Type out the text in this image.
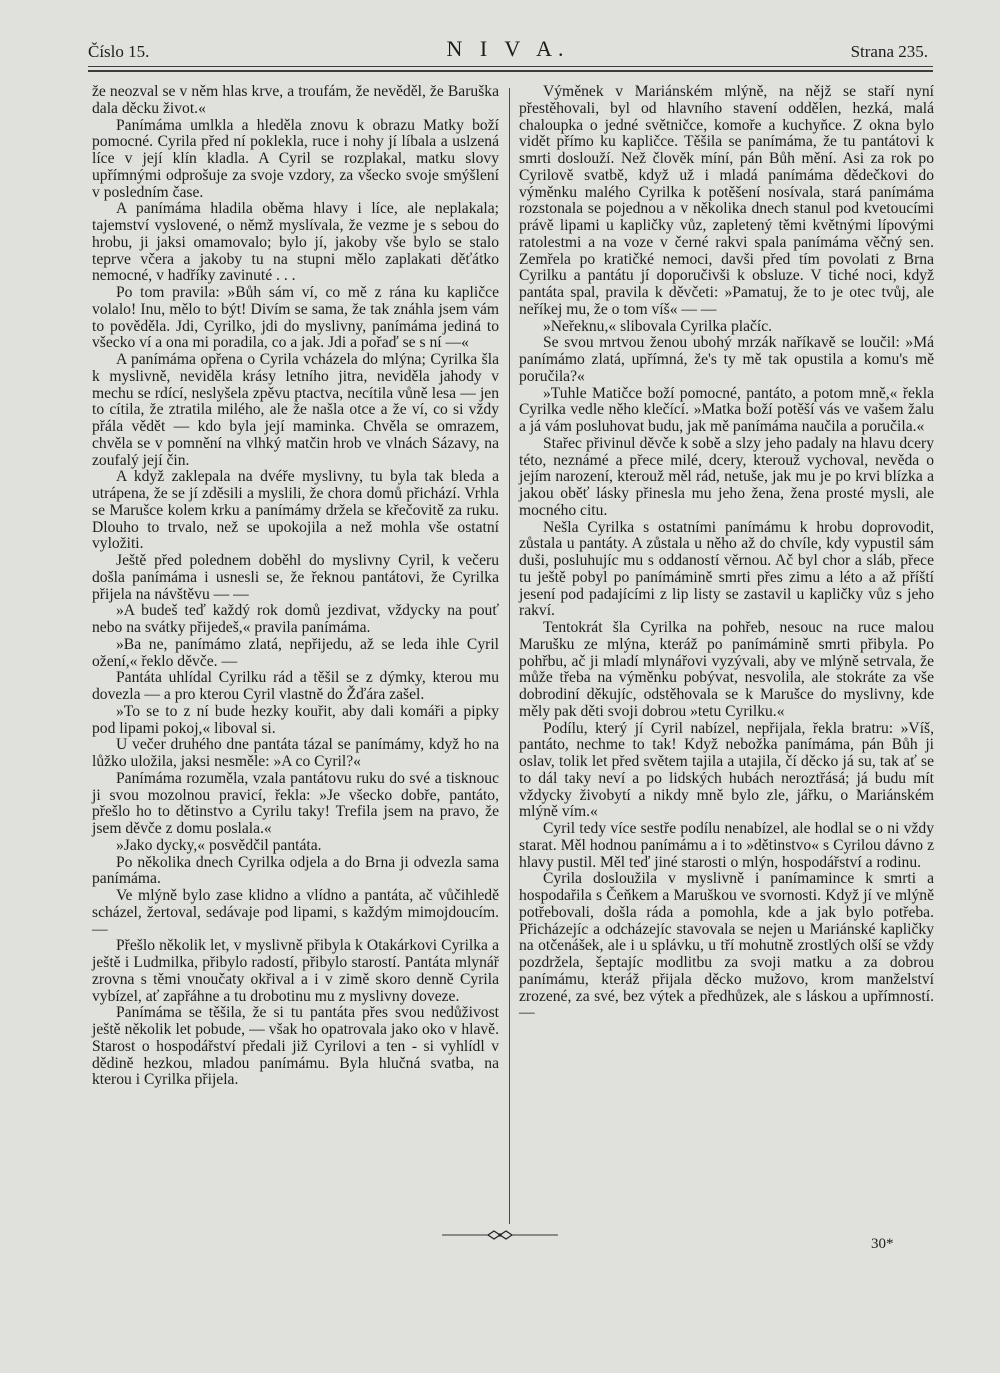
Číslo 15.	N I V A.	Strana 235.

že neozval se v něm hlas krve, a troufám, že nevěděl, že Baruška dala děcku život.«

Panímáma umlkla a hleděla znovu k obrazu Matky boží pomocné. Cyrila před ní poklekla, ruce i nohy jí líbala a uslzená líce v její klín kladla. A Cyril se rozplakal, matku slovy upřímnými odprošuje za svoje vzdory, za všecko svoje smýšlení v posledním čase.

A panímáma hladila oběma hlavy i líce, ale neplakala; tajemství vyslovené, o němž myslívala, že vezme je s sebou do hrobu, ji jaksi omamovalo; bylo jí, jakoby vše bylo se stalo teprve včera a jakoby tu na stupni mělo zaplakati děťátko nemocné, v hadříky zavinuté . . .

Po tom pravila: »Bůh sám ví, co mě z rána ku kapličce volalo! Inu, mělo to být! Divím se sama, že tak znáhla jsem vám to pověděla. Jdi, Cyrilko, jdi do myslivny, panímáma jediná to všecko ví a ona mi poradila, co a jak. Jdi a pořaď se s ní —«

A panímáma opřena o Cyrila vcházela do mlýna; Cyrilka šla k myslivně, neviděla krásy letního jitra, neviděla jahody v mechu se rdící, neslyšela zpěvu ptactva, necítila vůně lesa — jen to cítila, že ztratila milého, ale že našla otce a že ví, co si vždy přála vědět — kdo byla její maminka. Chvěla se omrazem, chvěla se v pomnění na vlhký matčin hrob ve vlnách Sázavy, na zoufalý její čin.

A když zaklepala na dvéře myslivny, tu byla tak bleda a utrápena, že se jí zděsili a myslili, že chora domů přichází. Vrhla se Marušce kolem krku a panímámy držela se křečovitě za ruku. Dlouho to trvalo, než se upokojila a než mohla vše ostatní vyložiti.

Ještě před polednem doběhl do myslivny Cyril, k večeru došla panímáma i usnesli se, že řeknou pantátovi, že Cyrilka přijela na návštěvu — —

»A budeš teď každý rok domů jezdivat, vždycky na pouť nebo na svátky přijedeš,« pravila panímáma.

»Ba ne, panímámo zlatá, nepřijedu, až se leda ihle Cyril ožení,« řeklo děvče. —

Pantáta uhlídal Cyrilku rád a těšil se z dýmky, kterou mu dovezla — a pro kterou Cyril vlastně do Žďára zašel.

»To se to z ní bude hezky kouřit, aby dali komáři a pipky pod lipami pokoj,« liboval si.

U večer druhého dne pantáta tázal se panímámy, když ho na lůžko uložila, jaksi nesměle: »A co Cyril?«

Panímáma rozuměla, vzala pantátovu ruku do své a tisknouc ji svou mozolnou pravicí, řekla: »Je všecko dobře, pantáto, přešlo ho to dětinstvo a Cyrilu taky! Trefila jsem na pravo, že jsem děvče z domu poslala.«

»Jako dycky,« posvědčil pantáta.

Po několika dnech Cyrilka odjela a do Brna ji odvezla sama panímáma.

Ve mlýně bylo zase klidno a vlídno a pantáta, ač vůčihledě scházel, žertoval, sedávaje pod lipami, s každým mimojdoucím. —

Přešlo několik let, v myslivně přibyla k Otakárkovi Cyrilka a ještě i Ludmilka, přibylo radostí, přibylo starostí. Pantáta mlynář zrovna s těmi vnoučaty okřival a i v zimě skoro denně Cyrila vybízel, ať zapřáhne a tu drobotinu mu z myslivny doveze.

Panímáma se těšila, že si tu pantáta přes svou nedůživost ještě několik let pobude, — však ho opatrovala jako oko v hlavě. Starost o hospodářství předali již Cyrilovi a ten - si vyhlídl v dědině hezkou, mladou panímámu. Byla hlučná svatba, na kterou i Cyrilka přijela.

Výměnek v Mariánském mlýně, na nějž se staří nyní přestěhovali, byl od hlavního stavení oddělen, hezká, malá chaloupka o jedné světničce, komoře a kuchyňce. Z okna bylo vidět přímo ku kapličce. Těšila se panímáma, že tu pantátovi k smrti doslouží. Než člověk míní, pán Bůh mění. Asi za rok po Cyrilově svatbě, když už i mladá panímáma dědečkovi do výměnku malého Cyrilka k potěšení nosívala, stará panímáma rozstonala se pojednou a v několika dnech stanul pod kvetoucími právě lipami u kapličky vůz, zapletený těmi květnými lípovými ratolestmi a na voze v černé rakvi spala panímáma věčný sen. Zemřela po kratičké nemoci, davši před tím povolati z Brna Cyrilku a pantátu jí doporučivši k obsluze. V tiché noci, když pantáta spal, pravila k děvčeti: »Pamatuj, že to je otec tvůj, ale neříkej mu, že o tom víš« — —

»Neřeknu,« slibovala Cyrilka plačíc.

Se svou mrtvou ženou ubohý mrzák naříkavě se loučil: »Má panímámo zlatá, upřímná, že's ty mě tak opustila a komu's mě poručila?«

»Tuhle Matičce boží pomocné, pantáto, a potom mně,« řekla Cyrilka vedle něho klečící. »Matka boží potěší vás ve vašem žalu a já vám posluhovat budu, jak mě panímáma naučila a poručila.«

Stařec přivinul děvče k sobě a slzy jeho padaly na hlavu dcery této, neznámé a přece milé, dcery, kterouž vychoval, nevěda o jejím narození, kterouž měl rád, netuše, jak mu je po krvi blízka a jakou oběť lásky přinesla mu jeho žena, žena prosté mysli, ale mocného citu.

Nešla Cyrilka s ostatními panímámu k hrobu doprovodit, zůstala u pantáty. A zůstala u něho až do chvíle, kdy vypustil sám duši, posluhujíc mu s oddaností věrnou. Ač byl chor a sláb, přece tu ještě pobyl po panímámině smrti přes zimu a léto a až příští jesení pod padajícími z lip listy se zastavil u kapličky vůz s jeho rakví.

Tentokrát šla Cyrilka na pohřeb, nesouc na ruce malou Marušku ze mlýna, kteráž po panímámině smrti přibyla. Po pohřbu, ač ji mladí mlynářovi vyzývali, aby ve mlýně setrvala, že může třeba na výměnku pobývat, nesvolila, ale stokráte za vše dobrodiní děkujíc, odstěhovala se k Marušce do myslivny, kde měly pak děti svoji dobrou »tetu Cyrilku.«

Podílu, který jí Cyril nabízel, nepřijala, řekla bratru: »Víš, pantáto, nechme to tak! Když nebožka panímáma, pán Bůh ji oslav, tolik let před světem tajila a utajila, čí děcko já su, tak ať se to dál taky neví a po lidských hubách neroztřásá; já budu mít vždycky živobytí a nikdy mně bylo zle, jářku, o Mariánském mlýně vím.«

Cyril tedy více sestře podílu nenabízel, ale hodlal se o ni vždy starat. Měl hodnou panímámu a i to »dětinstvo« s Cyrilou dávno z hlavy pustil. Měl teď jiné starosti o mlýn, hospodářství a rodinu.

Cyrila dosloužila v myslivně i panímamince k smrti a hospodařila s Čeňkem a Maruškou ve svornosti. Když jí ve mlýně potřebovali, došla ráda a pomohla, kde a jak bylo potřeba. Přicházejíc a odcházejíc stavovala se nejen u Mariánské kapličky na otčenášek, ale i u splávku, u tří mohutně zrostlých olší se vždy pozdržela, šeptajíc modlitbu za svoji matku a za dobrou panímámu, kteráž přijala děcko mužovo, krom manželství zrozené, za své, bez výtek a předhůzek, ale s láskou a upřímností. —

30*
